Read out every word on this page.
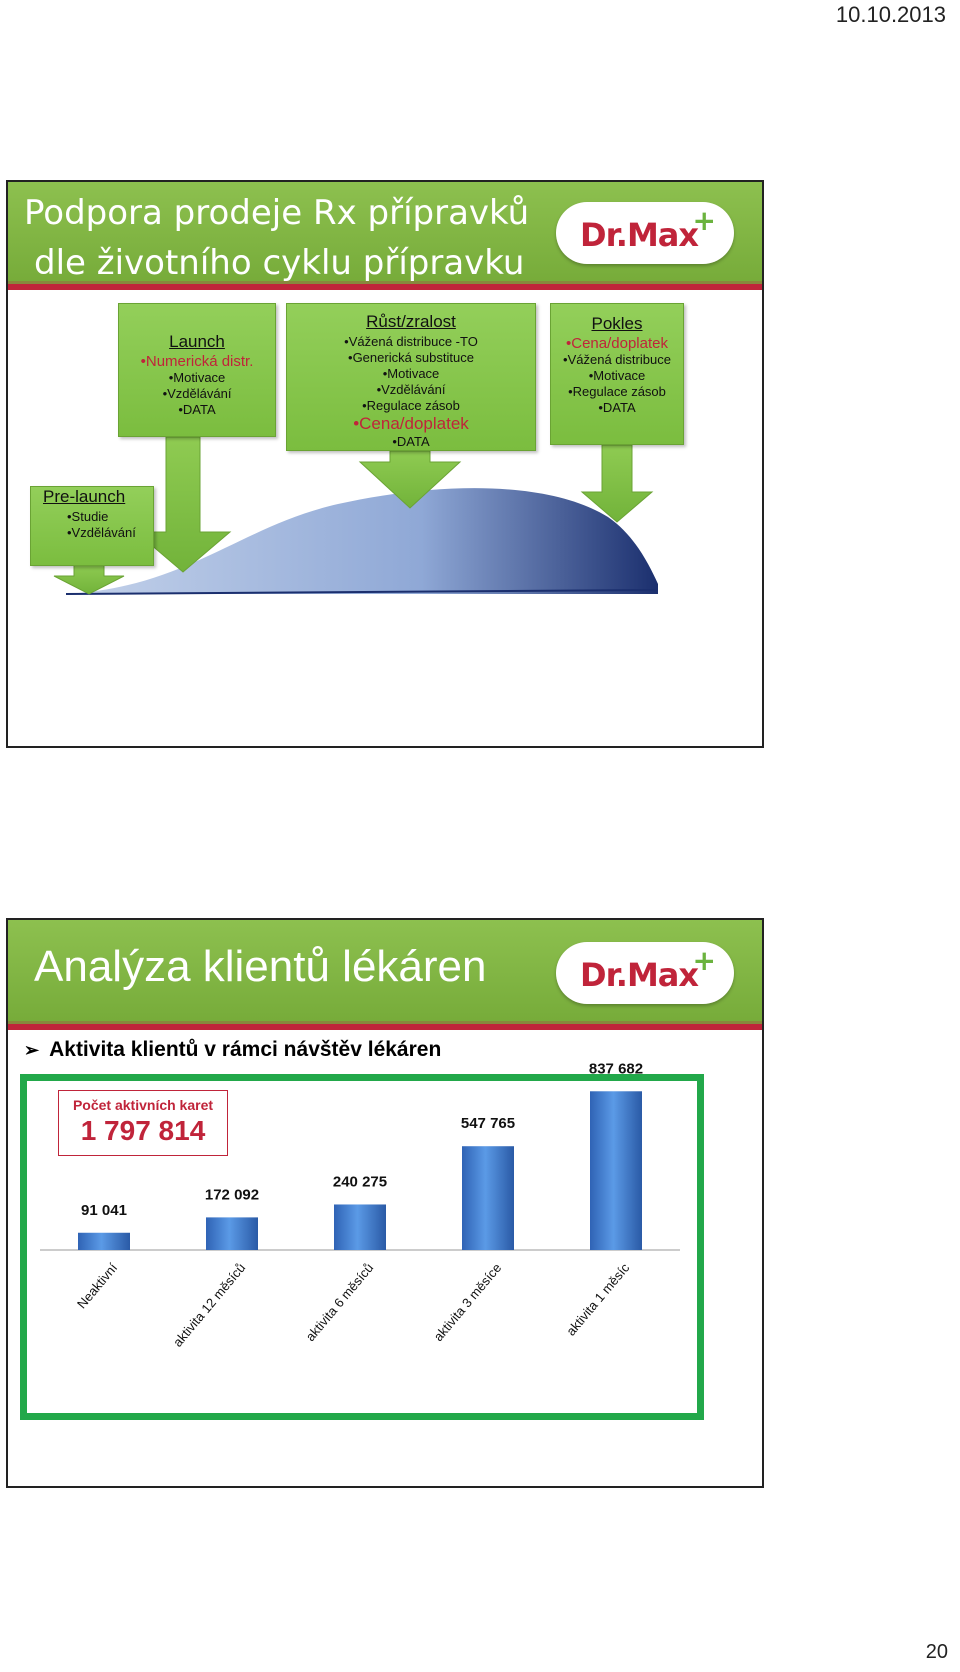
10.10.2013
Podpora prodeje Rx přípravků
dle životního cyklu přípravku
Dr.Max
+
Launch
•Numerická distr.
•Motivace
•Vzdělávání
•DATA
Růst/zralost
•Vážená distribuce -TO
•Generická substituce
•Motivace
•Vzdělávání
•Regulace zásob
•Cena/doplatek
•DATA
Pokles
•Cena/doplatek
•Vážená distribuce
•Motivace
•Regulace zásob
•DATA
Pre-launch
•Studie
•Vzdělávání
Analýza klientů lékáren	Dr.Max
+
➢ Aktivita klientů v rámci návštěv lékáren
91 041
Neaktivní
172 092
aktivita 12 měsíců
240 275
aktivita 6 měsíců
547 765
aktivita 3 měsíce
837 682
aktivita 1 měsíc
Počet aktivních karet
1 797 814
20
